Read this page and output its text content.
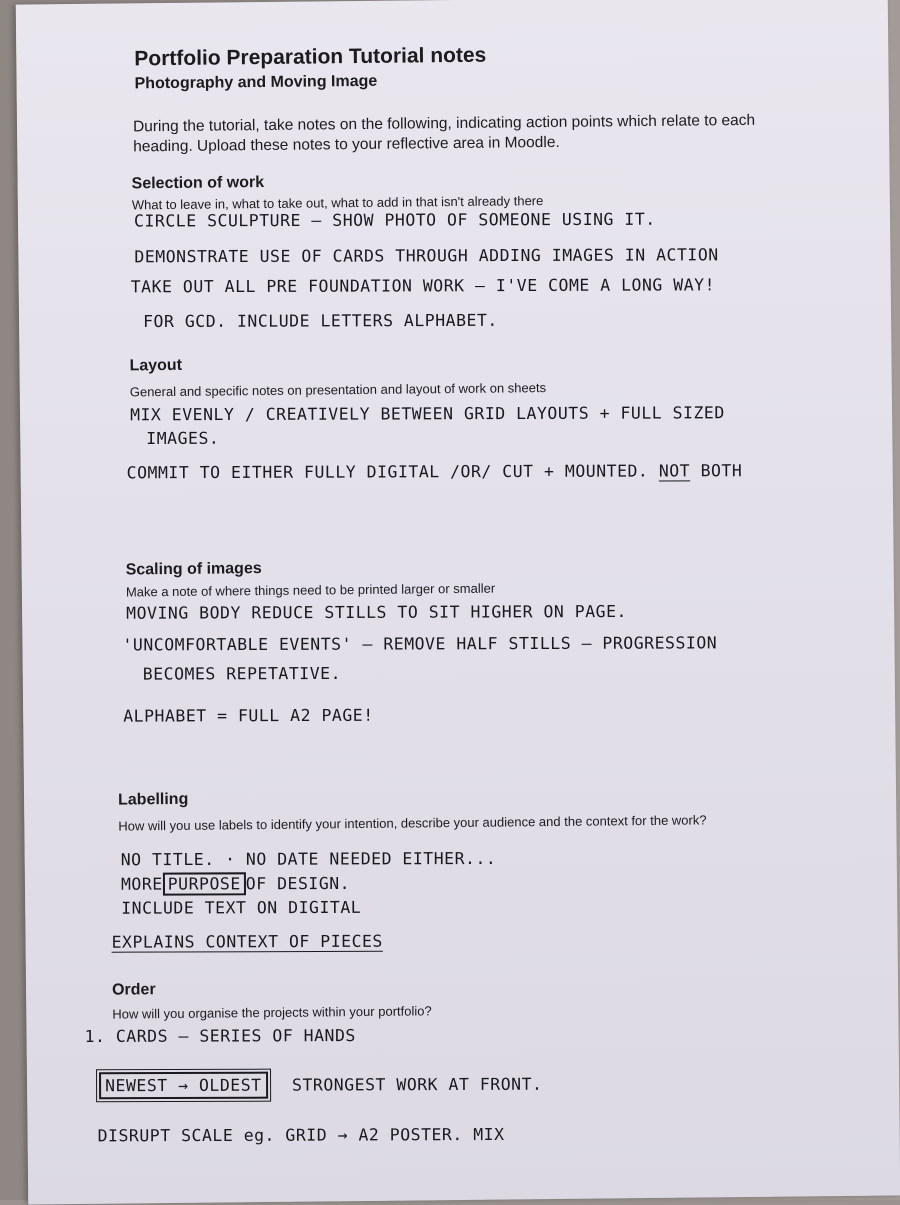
Portfolio Preparation Tutorial notes
Photography and Moving Image
During the tutorial, take notes on the following, indicating action points which relate to each heading. Upload these notes to your reflective area in Moodle.
Selection of work
What to leave in, what to take out, what to add in that isn't already there
CIRCLE SCULPTURE — SHOW PHOTO OF SOMEONE USING IT.
DEMONSTRATE USE OF CARDS THROUGH ADDING IMAGES IN ACTION
TAKE OUT ALL PRE FOUNDATION WORK — I'VE COME A LONG WAY!
FOR GCD. INCLUDE LETTERS ALPHABET.
Layout
General and specific notes on presentation and layout of work on sheets
MIX EVENLY / CREATIVELY BETWEEN GRID LAYOUTS + FULL SIZED
IMAGES.
COMMIT TO EITHER FULLY DIGITAL /OR/ CUT + MOUNTED. NOT BOTH
Scaling of images
Make a note of where things need to be printed larger or smaller
MOVING BODY REDUCE STILLS TO SIT HIGHER ON PAGE.
'UNCOMFORTABLE EVENTS' — REMOVE HALF STILLS — PROGRESSION
BECOMES REPETATIVE.
ALPHABET = FULL A2 PAGE!
Labelling
How will you use labels to identify your intention, describe your audience and the context for the work?
NO TITLE. · NO DATE NEEDED EITHER...
MORE PURPOSE OF DESIGN.
INCLUDE TEXT ON DIGITAL
EXPLAINS CONTEXT OF PIECES
Order
How will you organise the projects within your portfolio?
1. CARDS — SERIES OF HANDS
NEWEST → OLDEST STRONGEST WORK AT FRONT.
DISRUPT SCALE eg. GRID → A2 POSTER. MIX
